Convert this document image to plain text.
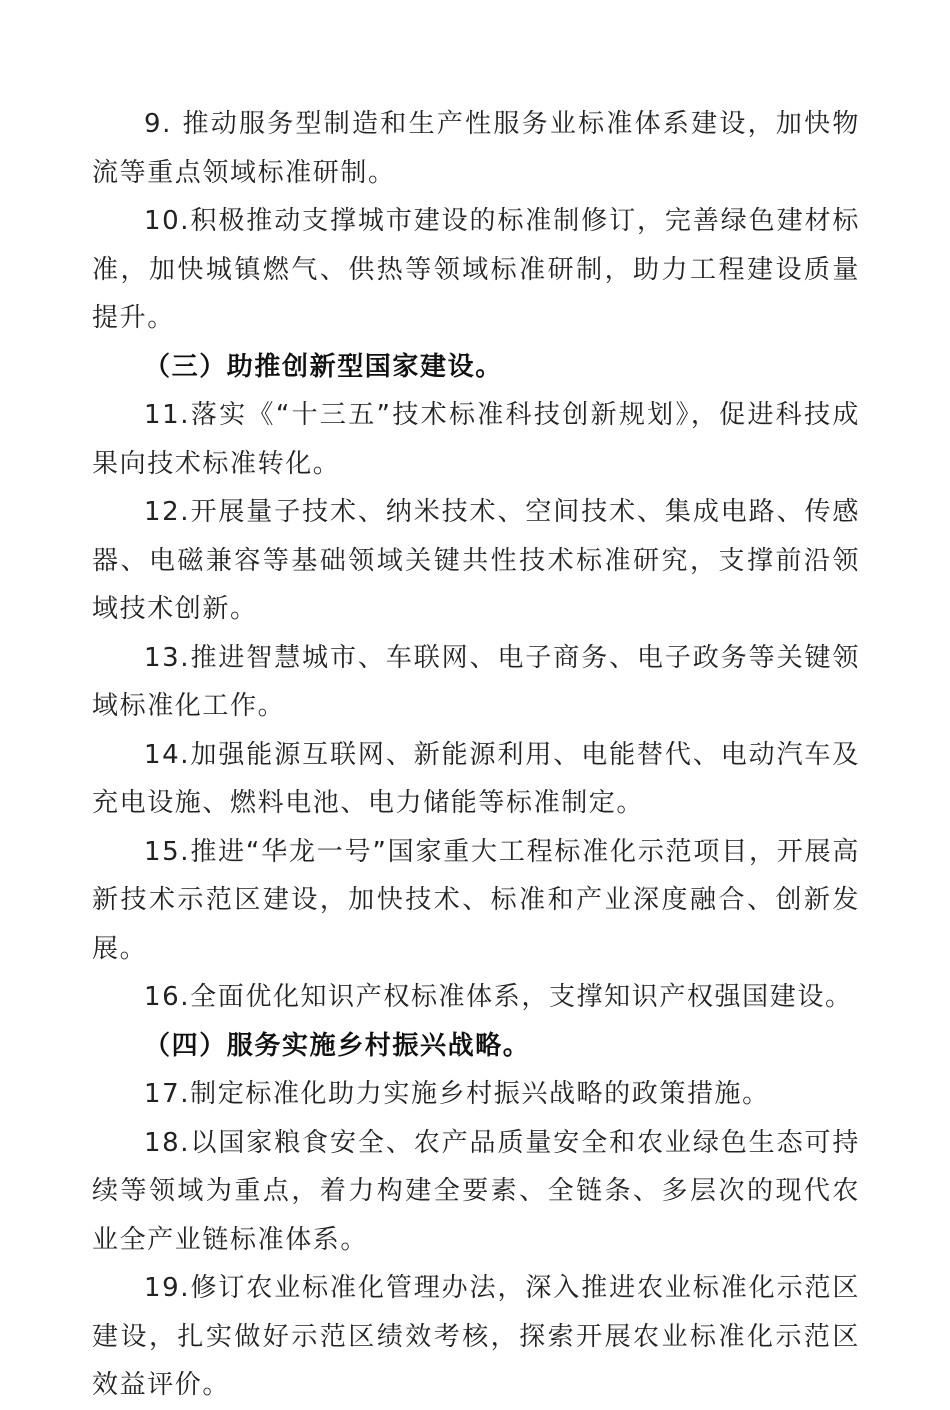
9. 推动服务型制造和生产性服务业标准体系建设，加快物流等重点领域标准研制。

10.积极推动支撑城市建设的标准制修订，完善绿色建材标准，加快城镇燃气、供热等领域标准研制，助力工程建设质量提升。

（三）助推创新型国家建设。

11.落实《“十三五”技术标准科技创新规划》，促进科技成果向技术标准转化。

12.开展量子技术、纳米技术、空间技术、集成电路、传感器、电磁兼容等基础领域关键共性技术标准研究，支撑前沿领域技术创新。

13.推进智慧城市、车联网、电子商务、电子政务等关键领域标准化工作。

14.加强能源互联网、新能源利用、电能替代、电动汽车及充电设施、燃料电池、电力储能等标准制定。

15.推进“华龙一号”国家重大工程标准化示范项目，开展高新技术示范区建设，加快技术、标准和产业深度融合、创新发展。

16.全面优化知识产权标准体系，支撑知识产权强国建设。

（四）服务实施乡村振兴战略。

17.制定标准化助力实施乡村振兴战略的政策措施。

18.以国家粮食安全、农产品质量安全和农业绿色生态可持续等领域为重点，着力构建全要素、全链条、多层次的现代农业全产业链标准体系。

19.修订农业标准化管理办法，深入推进农业标准化示范区建设，扎实做好示范区绩效考核，探索开展农业标准化示范区效益评价。
